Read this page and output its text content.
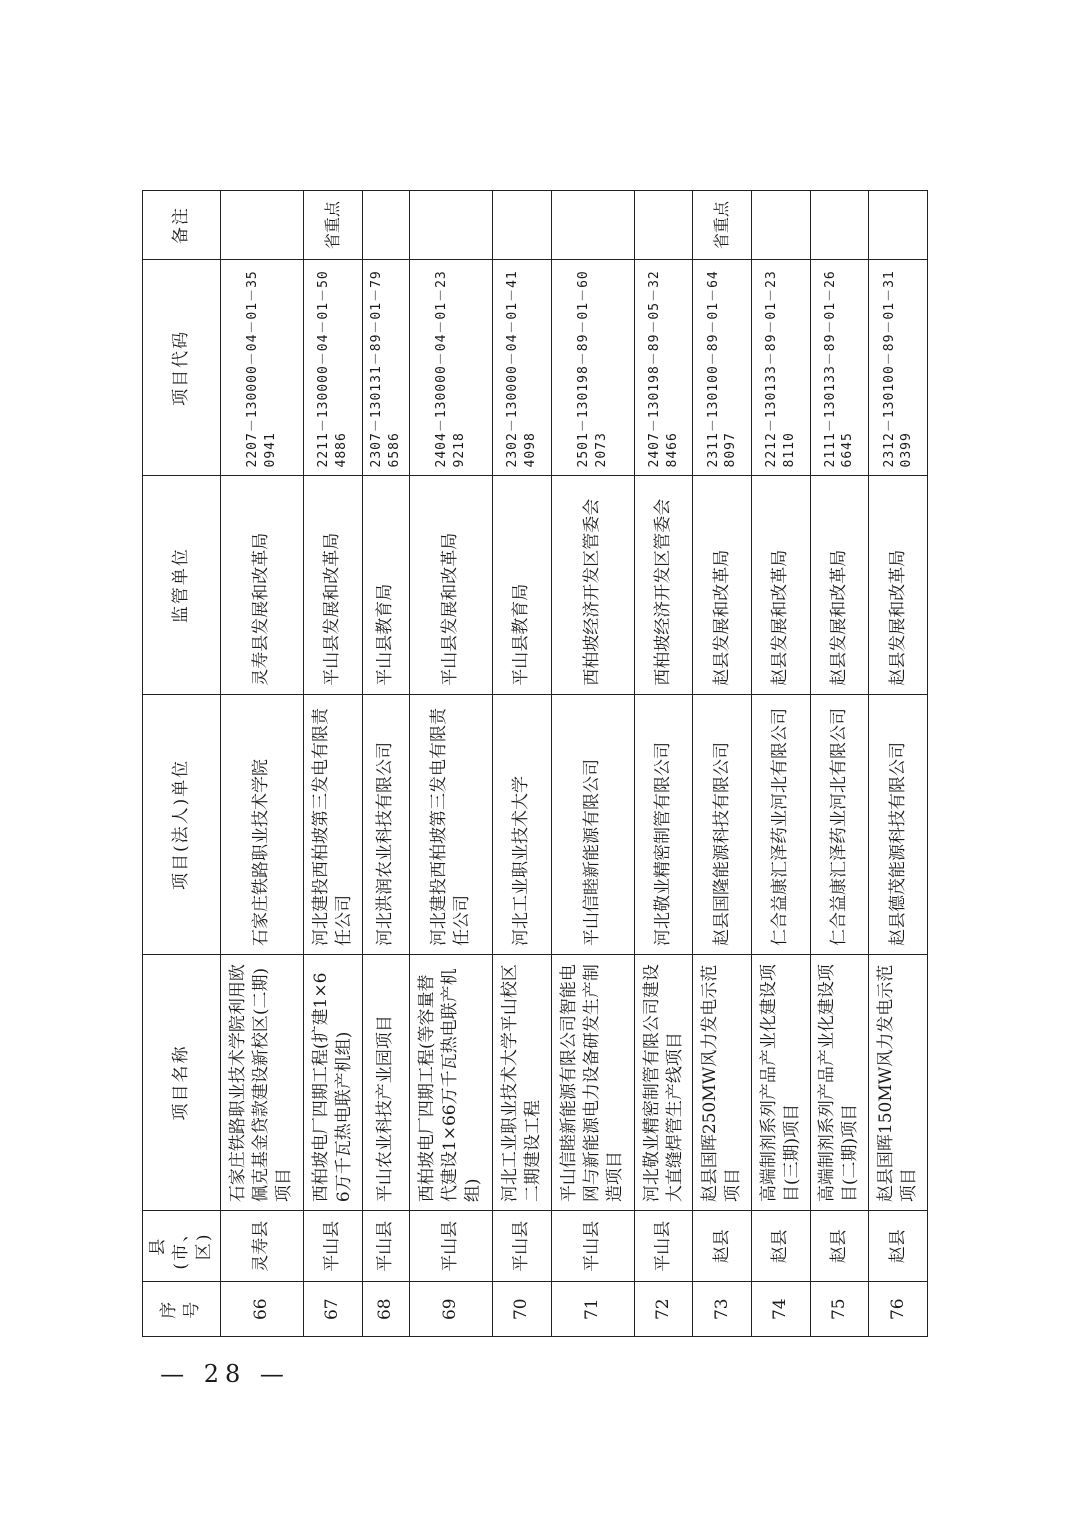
序号	县(市、区)	项目名称	项目(法人)单位	监管单位	项目代码	备注
66	灵寿县	石家庄铁路职业技术学院利用欧佩克基金贷款建设新校区(二期)项目	石家庄铁路职业技术学院	灵寿县发展和改革局	2207－130000－04－01－350941	
67	平山县	西柏坡电厂四期工程(扩建1×66万千瓦热电联产机组)	河北建投西柏坡第三发电有限责任公司	平山县发展和改革局	2211－130000－04－01－504886	省重点
68	平山县	平山农业科技产业园项目	河北洪润农业科技有限公司	平山县教育局	2307－130131－89－01－796586	
69	平山县	西柏坡电厂四期工程(等容量替代建设1×66万千瓦热电联产机组)	河北建投西柏坡第三发电有限责任公司	平山县发展和改革局	2404－130000－04－01－239218	
70	平山县	河北工业职业技术大学平山校区二期建设工程	河北工业职业技术大学	平山县教育局	2302－130000－04－01－414098	
71	平山县	平山信睦新能源有限公司智能电网与新能源电力设备研发生产制造项目	平山信睦新能源有限公司	西柏坡经济开发区管委会	2501－130198－89－01－602073	
72	平山县	河北敬业精密制管有限公司建设大直缝焊管生产线项目	河北敬业精密制管有限公司	西柏坡经济开发区管委会	2407－130198－89－05－328466	
73	赵县	赵县国晖250MW风力发电示范项目	赵县国隆能源科技有限公司	赵县发展和改革局	2311－130100－89－01－648097	省重点
74	赵县	高端制剂系列产品产业化建设项目(三期)项目	仁合益康汇泽药业河北有限公司	赵县发展和改革局	2212－130133－89－01－238110	
75	赵县	高端制剂系列产品产业化建设项目(二期)项目	仁合益康汇泽药业河北有限公司	赵县发展和改革局	2111－130133－89－01－266645	
76	赵县	赵县国晖150MW风力发电示范项目	赵县德茂能源科技有限公司	赵县发展和改革局	2312－130100－89－01－310399	
— 28 —
